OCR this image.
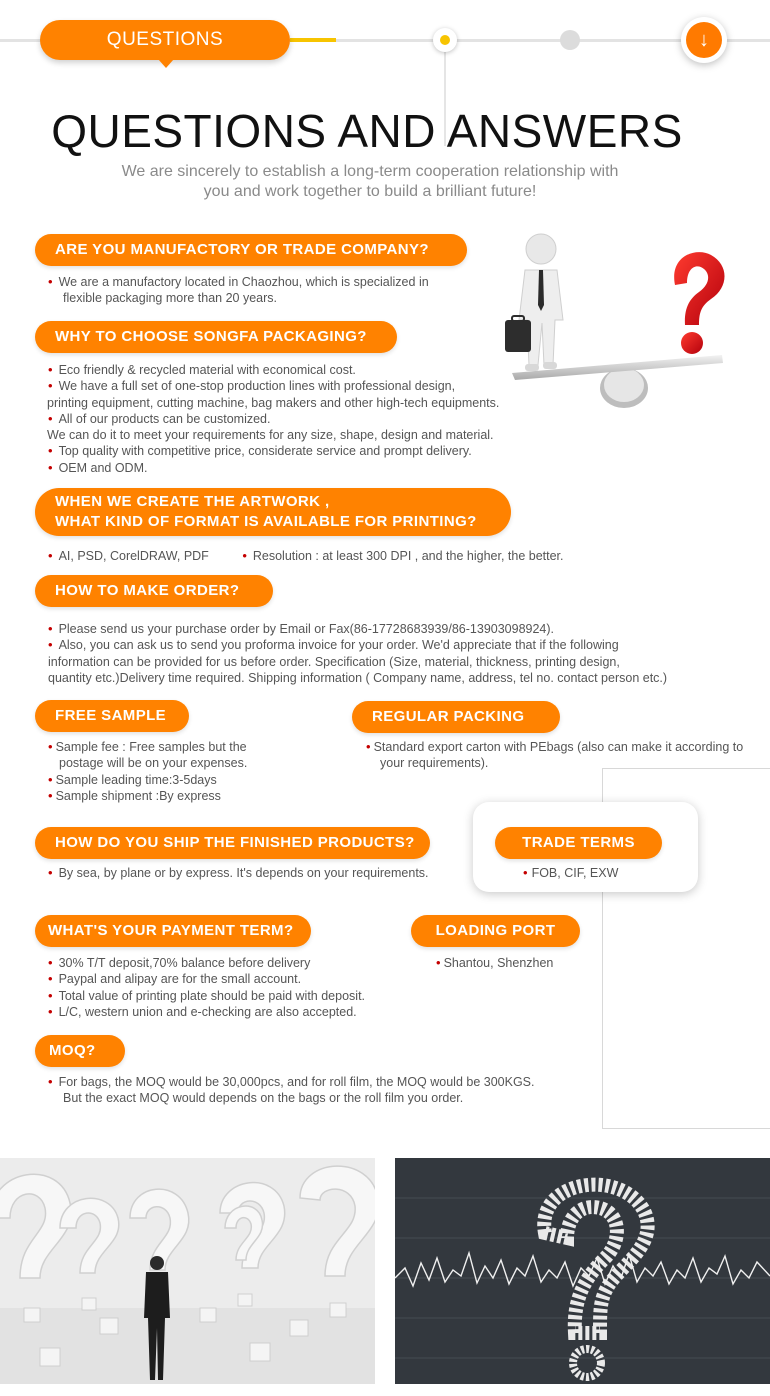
QUESTIONS	↓
QUESTIONS AND ANSWERS
We are sincerely to establish a long-term cooperation relationship with
you and work together to build a brilliant future!
ARE YOU MANUFACTORY OR TRADE COMPANY?
• We are a manufactory located in Chaozhou, which is specialized in
flexible packaging more than 20 years.
WHY TO CHOOSE SONGFA PACKAGING?
• Eco friendly & recycled material with economical cost.
• We have a full set of one-stop production lines with professional design,
printing equipment, cutting machine, bag makers and other high-tech equipments.
• All of our products can be customized.
We can do it to meet your requirements for any size, shape, design and material.
• Top quality with competitive price, considerate service and prompt delivery.
• OEM and ODM.
WHEN WE CREATE THE ARTWORK ,
WHAT KIND OF FORMAT IS AVAILABLE FOR PRINTING?
• AI, PSD, CorelDRAW, PDF	• Resolution : at least 300 DPI , and the higher, the better.
HOW TO MAKE ORDER?
• Please send us your purchase order by Email or Fax(86-17728683939/86-13903098924).
• Also, you can ask us to send you proforma invoice for your order. We'd appreciate that if the following
information can be provided for us before order. Specification (Size, material, thickness, printing design,
quantity etc.)Delivery time required. Shipping information ( Company name, address, tel no. contact person etc.)
FREE SAMPLE
• Sample fee : Free samples but the
postage will be on your expenses.
• Sample leading time:3-5days
• Sample shipment :By express
REGULAR PACKING
• Standard export carton with PEbags (also can make it according to
your requirements).
HOW DO YOU SHIP THE FINISHED PRODUCTS?
• By sea, by plane or by express. It's depends on your requirements.
TRADE TERMS
• FOB, CIF, EXW
WHAT'S YOUR PAYMENT TERM?
• 30% T/T deposit,70% balance before delivery
• Paypal and alipay are for the small account.
• Total value of printing plate should be paid with deposit.
• L/C, western union and e-checking are also accepted.
LOADING PORT
• Shantou, Shenzhen
MOQ?
• For bags, the MOQ would be 30,000pcs, and for roll film, the MOQ would be 300KGS.
But the exact MOQ would depends on the bags or the roll film you order.
